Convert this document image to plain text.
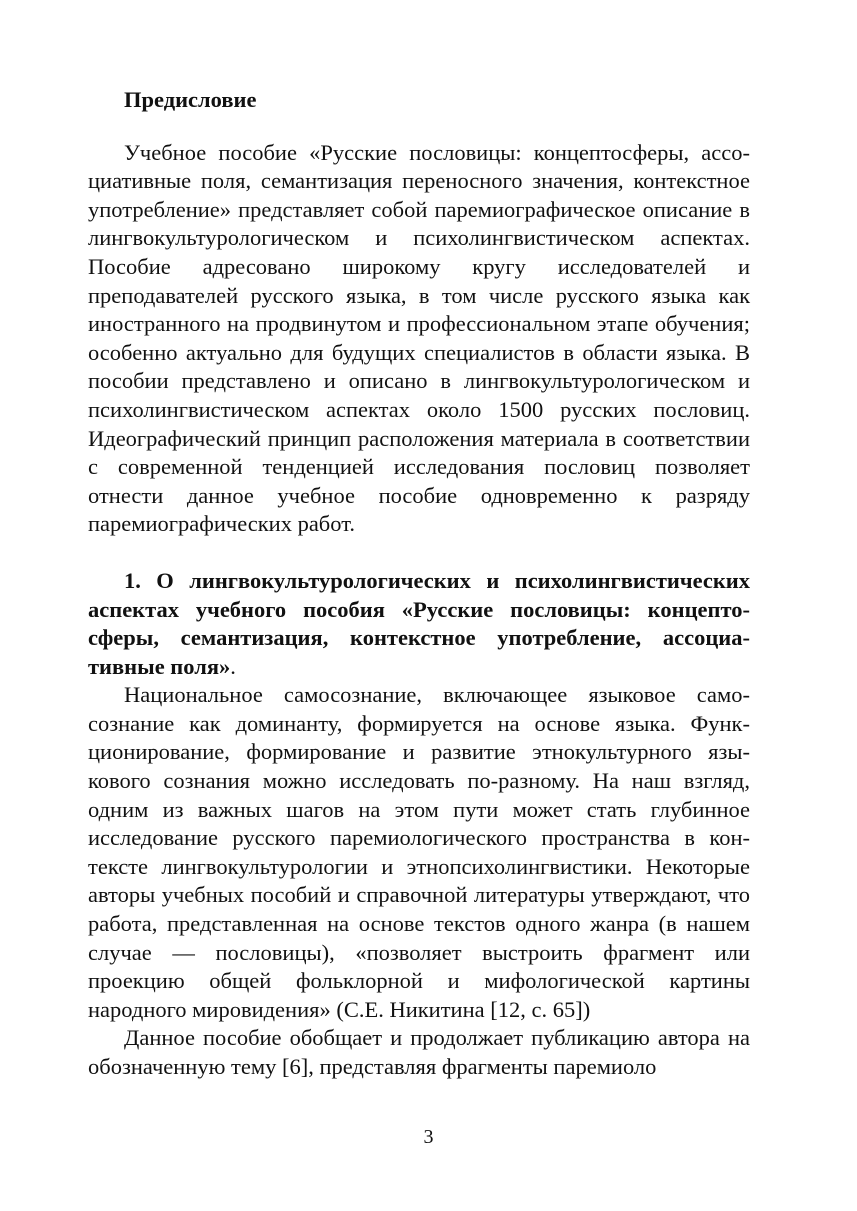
Предисловие

Учебное пособие «Русские пословицы: концептосферы, ассоциативные поля, семантизация переносного значения, контекстное употребление» представляет собой паремиографическое описание в лингвокультурологическом и психолингвистическом аспектах. Пособие адресовано широкому кругу исследователей и преподавателей русского языка, в том числе русского языка как иностранного на продвинутом и профессиональном этапе обучения; особенно актуально для будущих специалистов в области языка. В пособии представлено и описано в лингвокультурологическом и психолингвистическом аспектах около 1500 русских пословиц. Идеографический принцип расположения материала в соответствии с современной тенденцией исследования пословиц позволяет отнести данное учебное пособие одновременно к разряду паремиографических работ.

1. О лингвокультурологических и психолингвистических аспектах учебного пособия «Русские пословицы: концептосферы, семантизация, контекстное употребление, ассоциативные поля».

Национальное самосознание, включающее языковое самосознание как доминанту, формируется на основе языка. Функционирование, формирование и развитие этнокультурного языкового сознания можно исследовать по-разному. На наш взгляд, одним из важных шагов на этом пути может стать глубинное исследование русского паремиологического пространства в контексте лингвокультурологии и этнопсихолингвистики. Некоторые авторы учебных пособий и справочной литературы утверждают, что работа, представленная на основе текстов одного жанра (в нашем случае — пословицы), «позволяет выстроить фрагмент или проекцию общей фольклорной и мифологической картины народного мировидения» (С.Е. Никитина [12, с. 65])

Данное пособие обобщает и продолжает публикацию автора на обозначенную тему [6], представляя фрагменты паремиоло

3
